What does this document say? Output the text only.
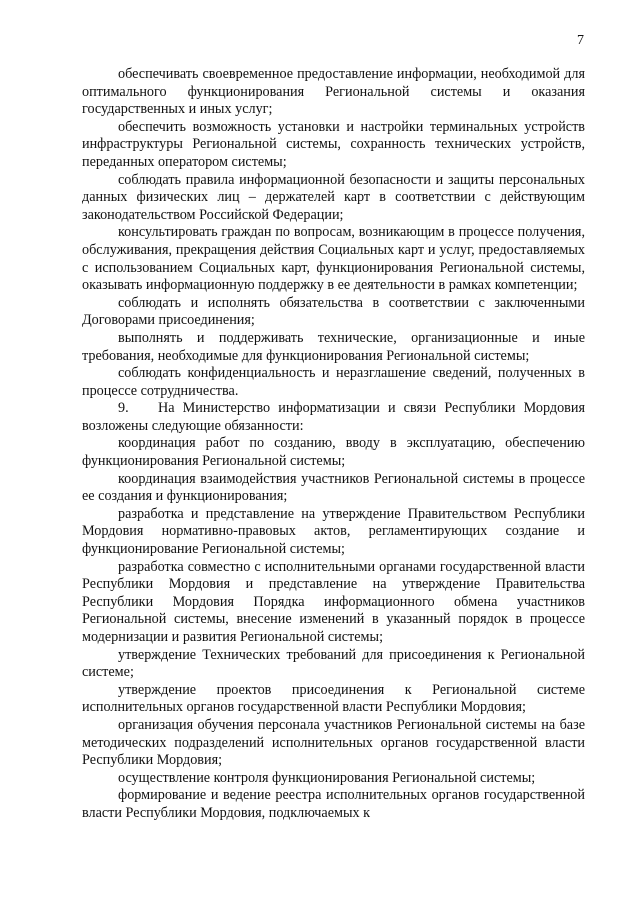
7

обеспечивать своевременное предоставление информации, необходимой для оптимального функционирования Региональной системы и оказания государственных и иных услуг;

обеспечить возможность установки и настройки терминальных устройств инфраструктуры Региональной системы, сохранность технических устройств, переданных оператором системы;

соблюдать правила информационной безопасности и защиты персональных данных физических лиц – держателей карт в соответствии с действующим законодательством Российской Федерации;

консультировать граждан по вопросам, возникающим в процессе получения, обслуживания, прекращения действия Социальных карт и услуг, предоставляемых с использованием Социальных карт, функционирования Региональной системы, оказывать информационную поддержку в ее деятельности в рамках компетенции;

соблюдать и исполнять обязательства в соответствии с заключенными Договорами присоединения;

выполнять и поддерживать технические, организационные и иные требования, необходимые для функционирования Региональной системы;

соблюдать конфиденциальность и неразглашение сведений, полученных в процессе сотрудничества.

9. На Министерство информатизации и связи Республики Мордовия возложены следующие обязанности:

координация работ по созданию, вводу в эксплуатацию, обеспечению функционирования Региональной системы;

координация взаимодействия участников Региональной системы в процессе ее создания и функционирования;

разработка и представление на утверждение Правительством Республики Мордовия нормативно-правовых актов, регламентирующих создание и функционирование Региональной системы;

разработка совместно с исполнительными органами государственной власти Республики Мордовия и представление на утверждение Правительства Республики Мордовия Порядка информационного обмена участников Региональной системы, внесение изменений в указанный порядок в процессе модернизации и развития Региональной системы;

утверждение Технических требований для присоединения к Региональной системе;

утверждение проектов присоединения к Региональной системе исполнительных органов государственной власти Республики Мордовия;

организация обучения персонала участников Региональной системы на базе методических подразделений исполнительных органов государственной власти Республики Мордовия;

осуществление контроля функционирования Региональной системы;

формирование и ведение реестра исполнительных органов государственной власти Республики Мордовия, подключаемых к
